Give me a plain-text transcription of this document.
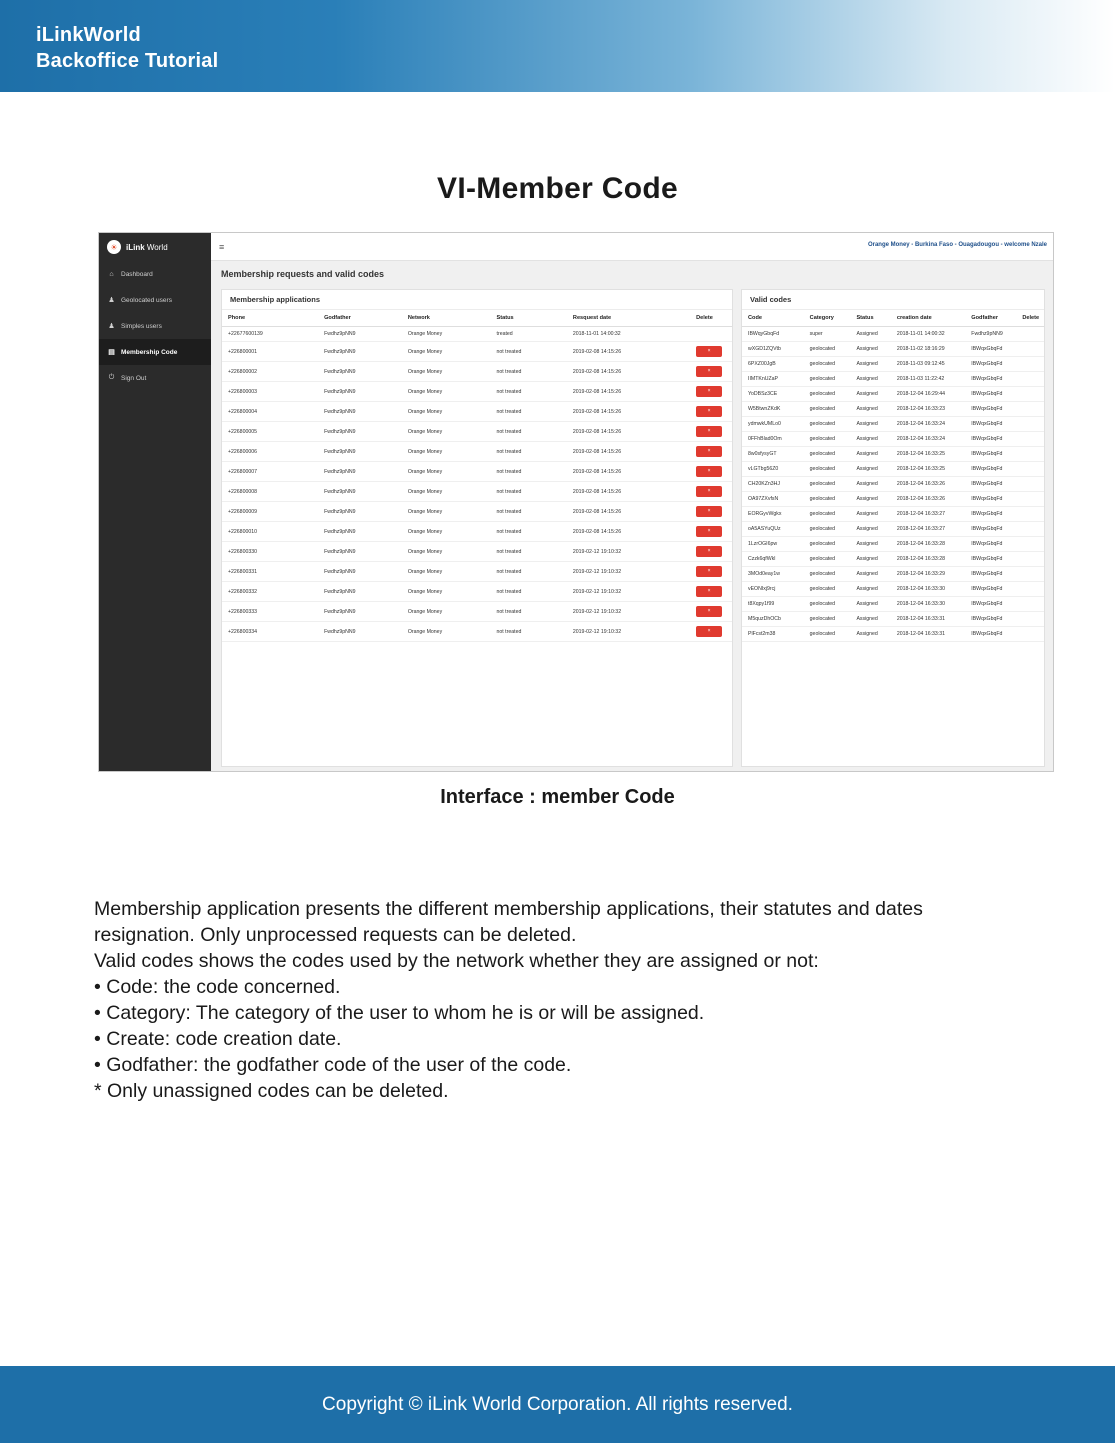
iLinkWorld
Backoffice Tutorial
VI-Member Code
☀	iLink World	≡	Orange Money - Burkina Faso - Ouagadougou - welcome Nzale
⌂ Dashboard
♟ Geolocated users
♟ Simples users
▤ Membership Code
⏻ Sign Out
Membership requests and valid codes
Membership applications
Phone	Godfather	Network	Status	Resquest date	Delete
+22677600139	Fwdhz9pNN9	Orange Money	treated	2018-11-01 14:00:32	
+226800001	Fwdhz9pNN9	Orange Money	not treated	2019-02-08 14:15:26	×
+226800002	Fwdhz9pNN9	Orange Money	not treated	2019-02-08 14:15:26	×
+226800003	Fwdhz9pNN9	Orange Money	not treated	2019-02-08 14:15:26	×
+226800004	Fwdhz9pNN9	Orange Money	not treated	2019-02-08 14:15:26	×
+226800005	Fwdhz9pNN9	Orange Money	not treated	2019-02-08 14:15:26	×
+226800006	Fwdhz9pNN9	Orange Money	not treated	2019-02-08 14:15:26	×
+226800007	Fwdhz9pNN9	Orange Money	not treated	2019-02-08 14:15:26	×
+226800008	Fwdhz9pNN9	Orange Money	not treated	2019-02-08 14:15:26	×
+226800009	Fwdhz9pNN9	Orange Money	not treated	2019-02-08 14:15:26	×
+226800010	Fwdhz9pNN9	Orange Money	not treated	2019-02-08 14:15:26	×
+226800330	Fwdhz9pNN9	Orange Money	not treated	2019-02-12 19:10:32	×
+226800331	Fwdhz9pNN9	Orange Money	not treated	2019-02-12 19:10:32	×
+226800332	Fwdhz9pNN9	Orange Money	not treated	2019-02-12 19:10:32	×
+226800333	Fwdhz9pNN9	Orange Money	not treated	2019-02-12 19:10:32	×
+226800334	Fwdhz9pNN9	Orange Money	not treated	2019-02-12 19:10:32	×
Valid codes
Code	Category	Status	creation date	Godfather	Delete
IBWqyGbqFd	super	Assigned	2018-11-01 14:00:32	Fwdhz9pNN9	
wXGD1ZQVtb	geolocated	Assigned	2018-11-02 18:16:29	IBWqxGbqFd	
6PXZ00JgB	geolocated	Assigned	2018-11-03 09:12:45	IBWqxGbqFd	
IIMTKnUZaP	geolocated	Assigned	2018-11-03 11:22:42	IBWqxGbqFd	
YoDBSz3CE	geolocated	Assigned	2018-12-04 16:29:44	IBWqxGbqFd	
W5BtwnZKdK	geolocated	Assigned	2018-12-04 16:33:23	IBWqxGbqFd	
ydmwkUMLo0	geolocated	Assigned	2018-12-04 16:33:24	IBWqxGbqFd	
0FFhBlad0Om	geolocated	Assigned	2018-12-04 16:33:24	IBWqxGbqFd	
8w0sfysyGT	geolocated	Assigned	2018-12-04 16:33:25	IBWqxGbqFd	
vLGTbg56Z0	geolocated	Assigned	2018-12-04 16:33:25	IBWqxGbqFd	
CH20KZn3HJ	geolocated	Assigned	2018-12-04 16:33:26	IBWqxGbqFd	
OA97ZXvfsN	geolocated	Assigned	2018-12-04 16:33:26	IBWqxGbqFd	
EORGyvWgkx	geolocated	Assigned	2018-12-04 16:33:27	IBWqxGbqFd	
oA5ASYuQUz	geolocated	Assigned	2018-12-04 16:33:27	IBWqxGbqFd	
1LzrOGI6pw	geolocated	Assigned	2018-12-04 16:33:28	IBWqxGbqFd	
Czzk6qfWkl	geolocated	Assigned	2018-12-04 16:33:28	IBWqxGbqFd	
3MOd0eay1w	geolocated	Assigned	2018-12-04 16:33:29	IBWqxGbqFd	
vEONIxj9rcj	geolocated	Assigned	2018-12-04 16:33:30	IBWqxGbqFd	
t8Xqpy1f99	geolocated	Assigned	2018-12-04 16:33:30	IBWqxGbqFd	
M5quzDhOCb	geolocated	Assigned	2018-12-04 16:33:31	IBWqxGbqFd	
PlFcst2m38	geolocated	Assigned	2018-12-04 16:33:31	IBWqxGbqFd	
Interface : member Code

Membership application presents the different membership applications, their statutes and dates

resignation. Only unprocessed requests can be deleted.

Valid codes shows the codes used by the network whether they are assigned or not:

• Code: the code concerned.

• Category: The category of the user to whom he is or will be assigned.

• Create: code creation date.

• Godfather: the godfather code of the user of the code.

* Only unassigned codes can be deleted.

Copyright © iLink World Corporation. All rights reserved.
